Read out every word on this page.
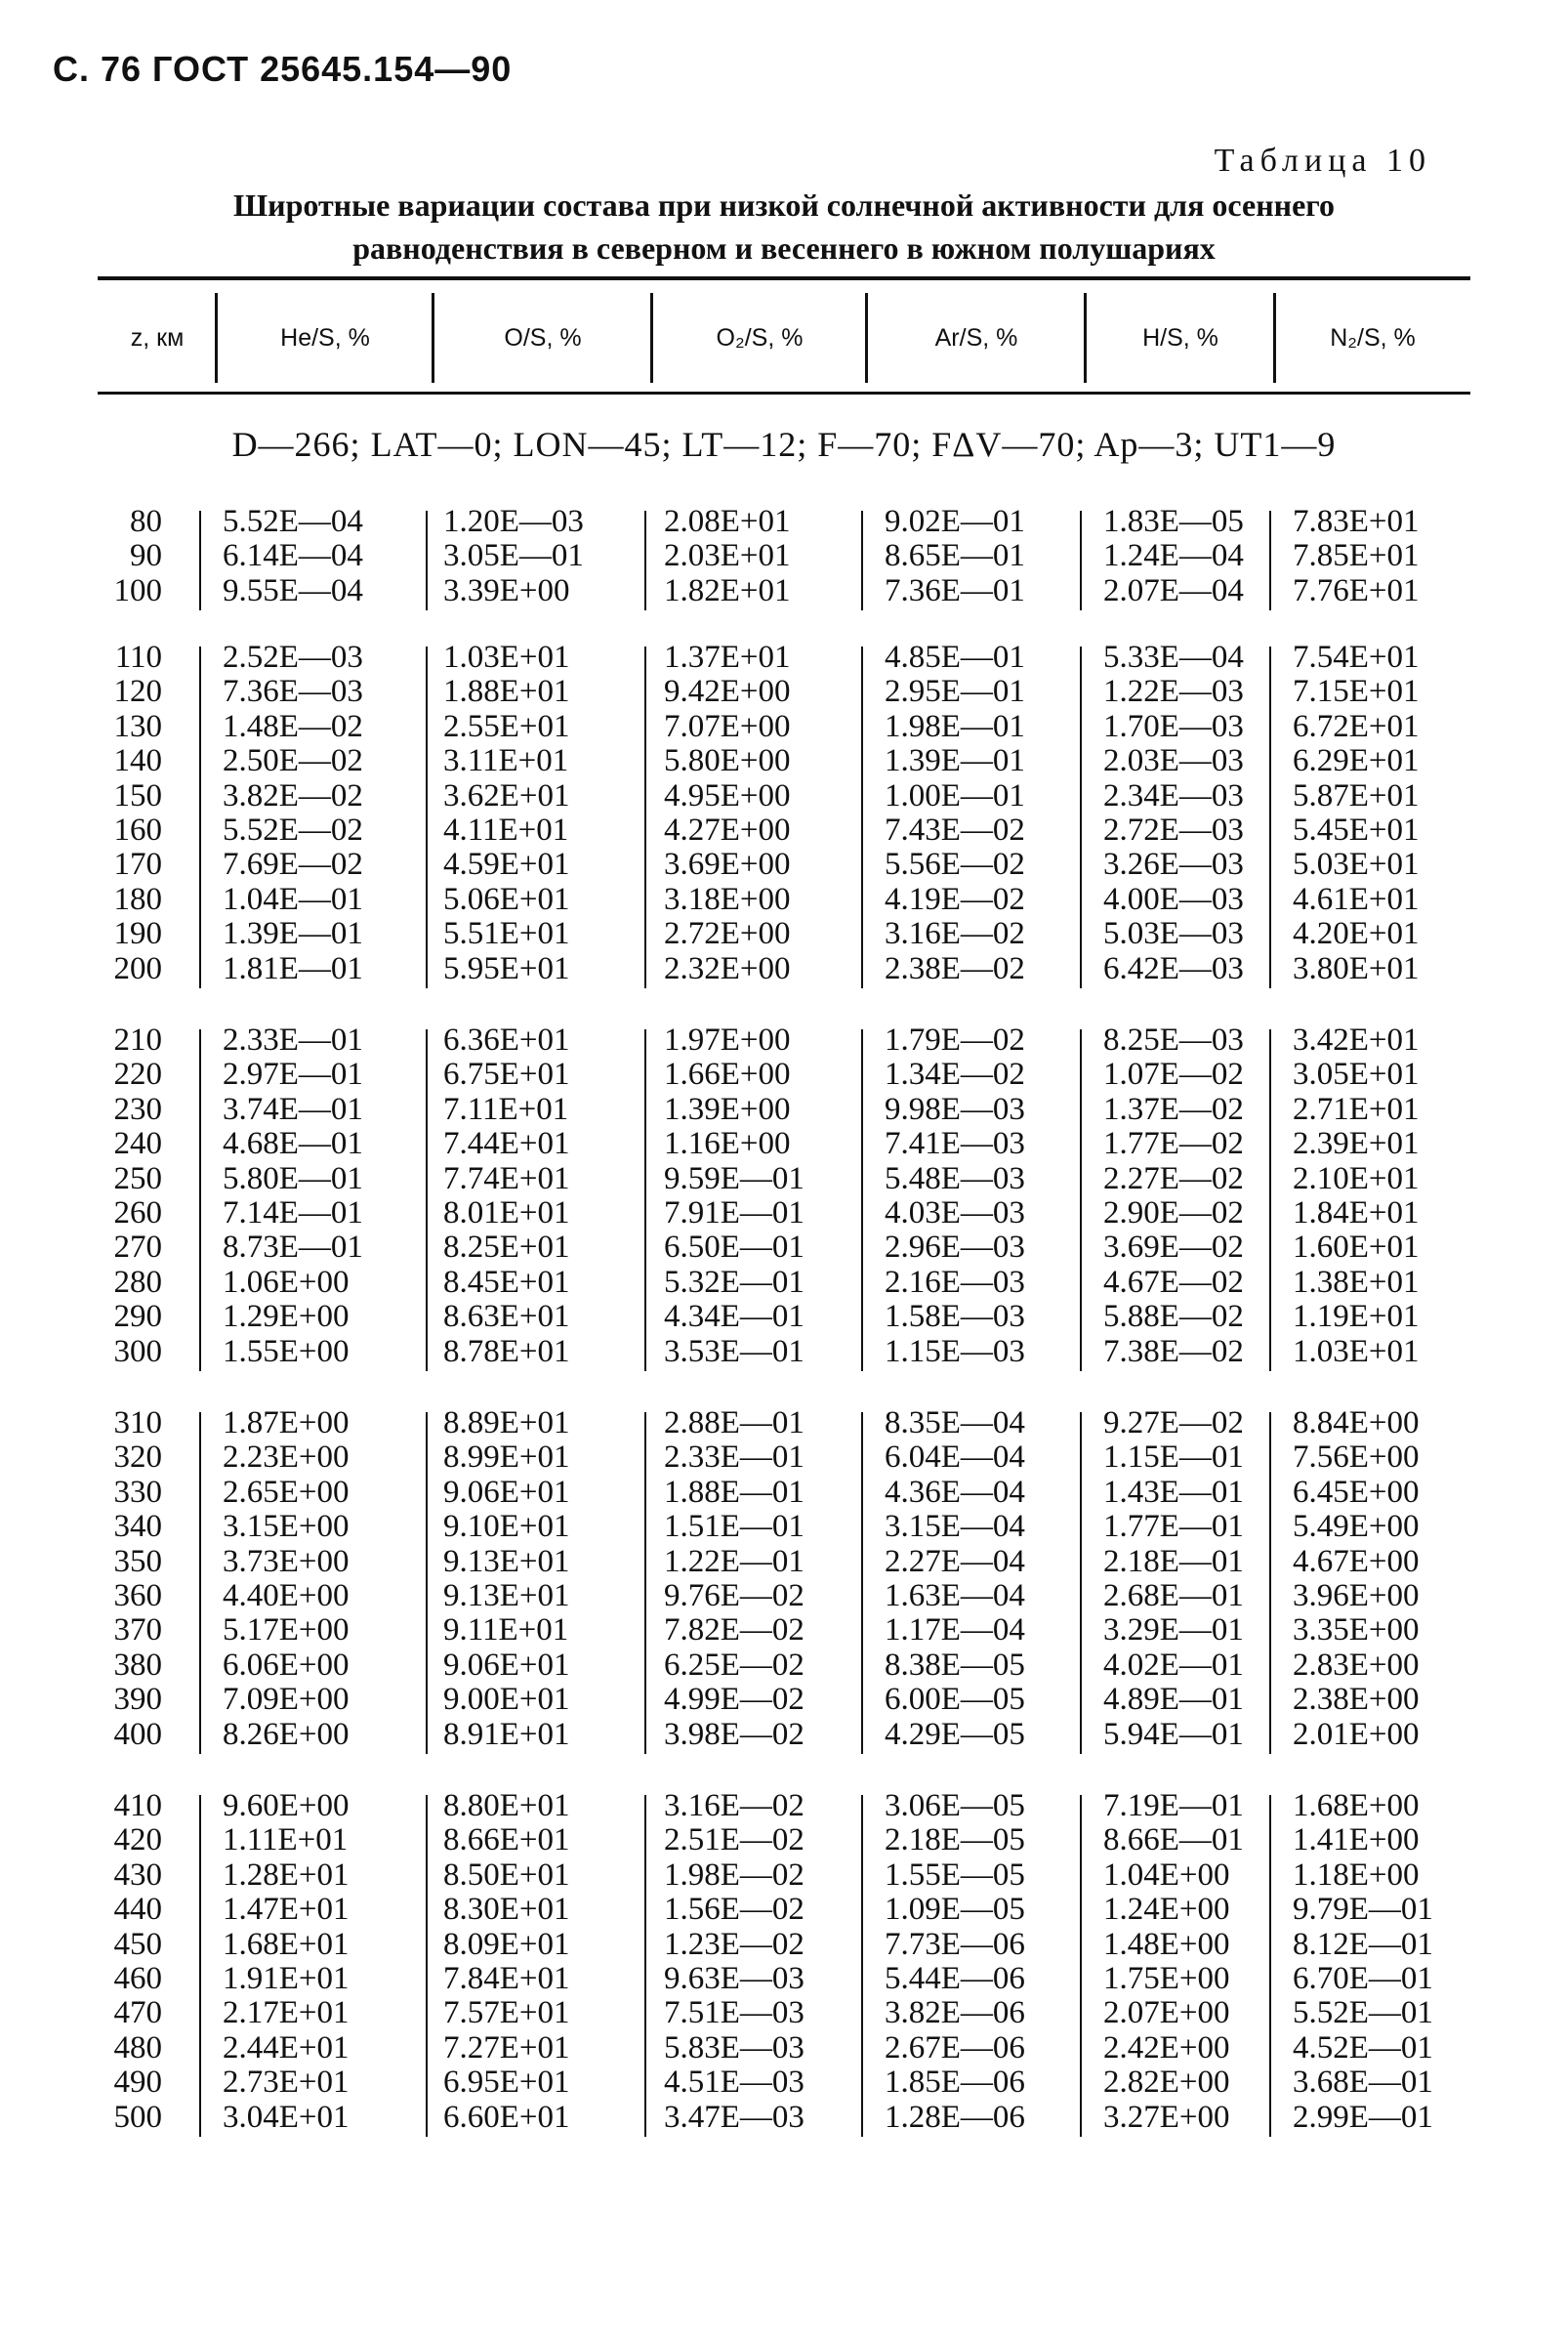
С. 76 ГОСТ 25645.154—90
Таблица 10
Широтные вариации состава при низкой солнечной активности для осеннего
равноденствия в северном и весеннего в южном полушариях
z, км	He/S, %	O/S, %	O₂/S, %	Ar/S, %	H/S, %	N₂/S, %
D—266; LAT—0; LON—45; LT—12; F—70; FΔV—70; Ap—3; UT1—9
80 5.52E—04 1.20E—03 2.08E+01	9.02E—01 1.83E—05 7.83E+01
90 6.14E—04 3.05E—01 2.03E+01	8.65E—01 1.24E—04 7.85E+01
100 9.55E—04 3.39E+00	1.82E+01	7.36E—01 2.07E—04 7.76E+01
110 2.52E—03 1.03E+01	1.37E+01	4.85E—01 5.33E—04 7.54E+01
120 7.36E—03 1.88E+01	9.42E+00	2.95E—01 1.22E—03 7.15E+01
130 1.48E—02 2.55E+01	7.07E+00	1.98E—01 1.70E—03 6.72E+01
140 2.50E—02 3.11E+01	5.80E+00	1.39E—01 2.03E—03 6.29E+01
150 3.82E—02 3.62E+01	4.95E+00	1.00E—01 2.34E—03 5.87E+01
160 5.52E—02 4.11E+01	4.27E+00	7.43E—02 2.72E—03 5.45E+01
170 7.69E—02 4.59E+01	3.69E+00	5.56E—02 3.26E—03 5.03E+01
180 1.04E—01 5.06E+01	3.18E+00	4.19E—02 4.00E—03 4.61E+01
190 1.39E—01 5.51E+01	2.72E+00	3.16E—02 5.03E—03 4.20E+01
200 1.81E—01 5.95E+01	2.32E+00	2.38E—02 6.42E—03 3.80E+01
210 2.33E—01 6.36E+01	1.97E+00	1.79E—02 8.25E—03 3.42E+01
220 2.97E—01 6.75E+01	1.66E+00	1.34E—02 1.07E—02 3.05E+01
230 3.74E—01 7.11E+01	1.39E+00	9.98E—03 1.37E—02 2.71E+01
240 4.68E—01 7.44E+01	1.16E+00	7.41E—03 1.77E—02 2.39E+01
250 5.80E—01 7.74E+01	9.59E—01 5.48E—03 2.27E—02 2.10E+01
260 7.14E—01 8.01E+01	7.91E—01 4.03E—03 2.90E—02 1.84E+01
270 8.73E—01 8.25E+01	6.50E—01 2.96E—03 3.69E—02 1.60E+01
280 1.06E+00	8.45E+01	5.32E—01 2.16E—03 4.67E—02 1.38E+01
290 1.29E+00	8.63E+01	4.34E—01 1.58E—03 5.88E—02 1.19E+01
300 1.55E+00	8.78E+01	3.53E—01 1.15E—03 7.38E—02 1.03E+01
310 1.87E+00	8.89E+01	2.88E—01 8.35E—04 9.27E—02 8.84E+00
320 2.23E+00	8.99E+01	2.33E—01 6.04E—04 1.15E—01 7.56E+00
330 2.65E+00	9.06E+01	1.88E—01 4.36E—04 1.43E—01 6.45E+00
340 3.15E+00	9.10E+01	1.51E—01 3.15E—04 1.77E—01 5.49E+00
350 3.73E+00	9.13E+01	1.22E—01 2.27E—04 2.18E—01 4.67E+00
360 4.40E+00	9.13E+01	9.76E—02 1.63E—04 2.68E—01 3.96E+00
370 5.17E+00	9.11E+01	7.82E—02 1.17E—04 3.29E—01 3.35E+00
380 6.06E+00	9.06E+01	6.25E—02 8.38E—05 4.02E—01 2.83E+00
390 7.09E+00	9.00E+01	4.99E—02 6.00E—05 4.89E—01 2.38E+00
400 8.26E+00	8.91E+01	3.98E—02 4.29E—05 5.94E—01 2.01E+00
410 9.60E+00	8.80E+01	3.16E—02 3.06E—05 7.19E—01 1.68E+00
420 1.11E+01	8.66E+01	2.51E—02 2.18E—05 8.66E—01 1.41E+00
430 1.28E+01	8.50E+01	1.98E—02 1.55E—05 1.04E+00 1.18E+00
440 1.47E+01	8.30E+01	1.56E—02 1.09E—05 1.24E+00 9.79E—01
450 1.68E+01	8.09E+01	1.23E—02 7.73E—06 1.48E+00 8.12E—01
460 1.91E+01	7.84E+01	9.63E—03 5.44E—06 1.75E+00 6.70E—01
470 2.17E+01	7.57E+01	7.51E—03 3.82E—06 2.07E+00 5.52E—01
480 2.44E+01	7.27E+01	5.83E—03 2.67E—06 2.42E+00 4.52E—01
490 2.73E+01	6.95E+01	4.51E—03 1.85E—06 2.82E+00 3.68E—01
500 3.04E+01	6.60E+01	3.47E—03 1.28E—06 3.27E+00 2.99E—01
